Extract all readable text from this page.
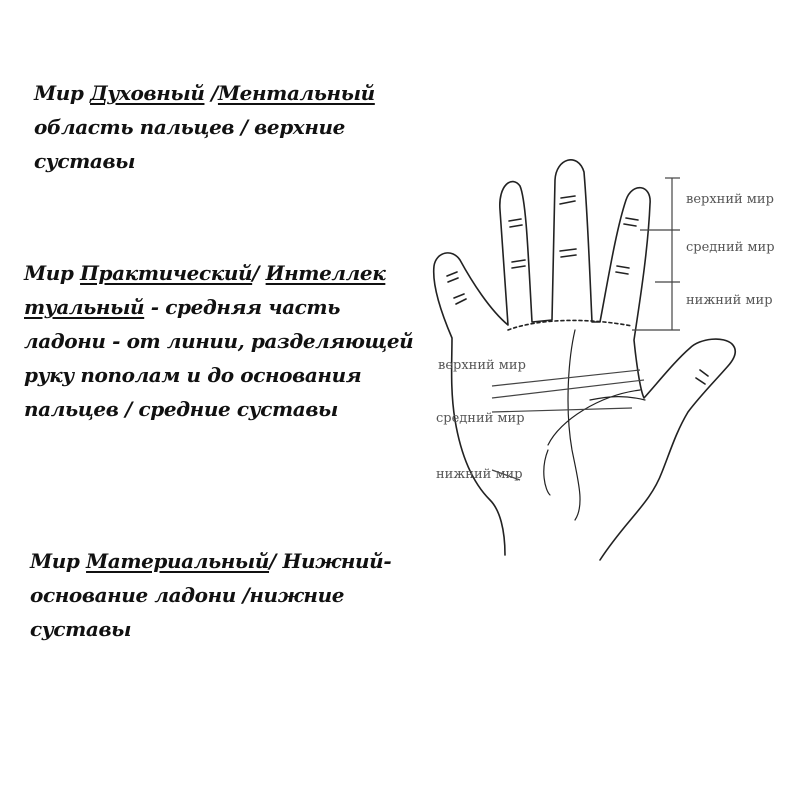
Мир Духовный /Ментальный область пальцев / верхние суставы
Мир Практический/ Интеллек туальный - средняя часть ладони - от линии, разделяющей руку пополам и до основания пальцев / средние суставы
Мир Материальный/ Нижний- основание ладони /нижние суставы
верхний мир
средний мир
нижний мир
верхний мир
средний мир
нижний мир
